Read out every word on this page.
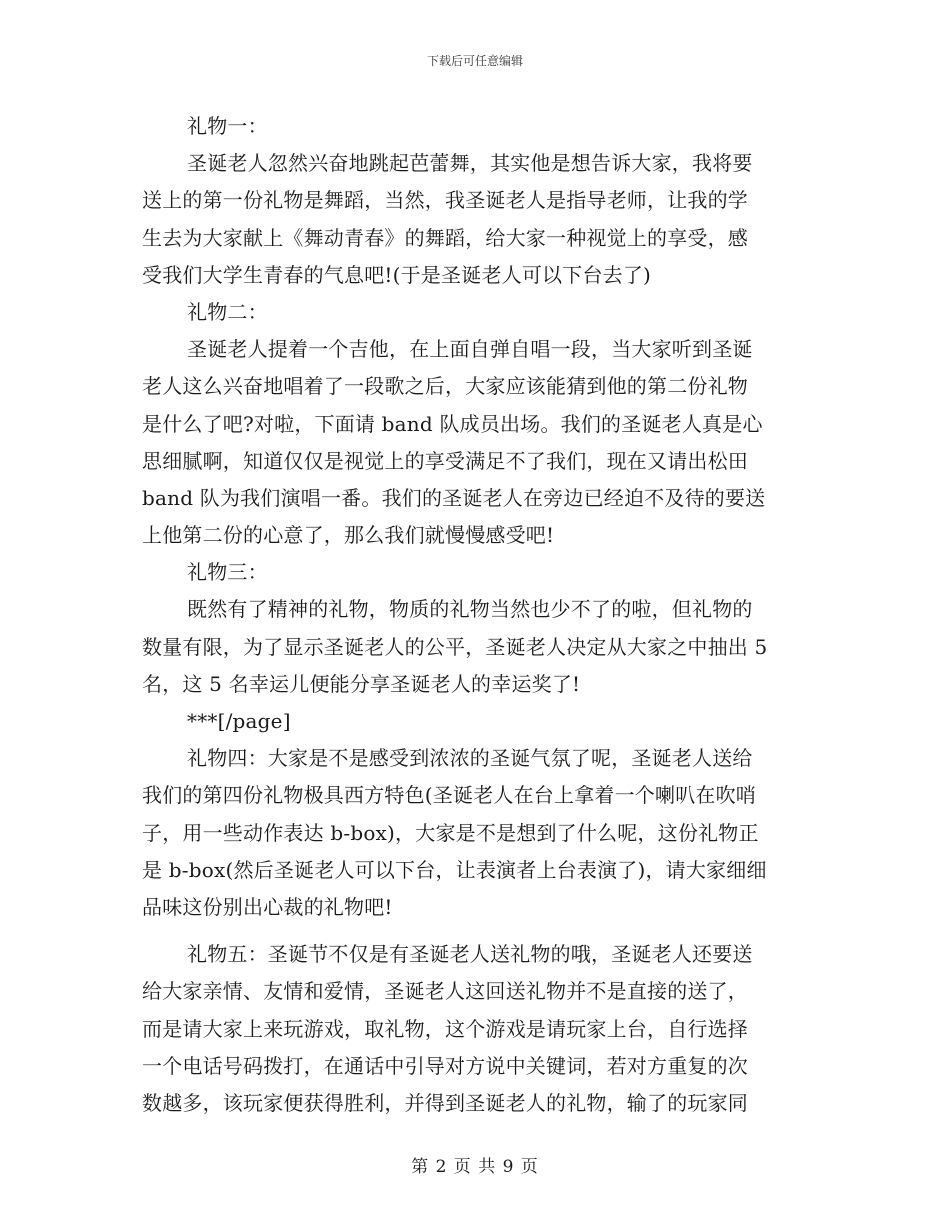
下载后可任意编辑
礼物一：
圣诞老人忽然兴奋地跳起芭蕾舞，其实他是想告诉大家，我将要
送上的第一份礼物是舞蹈，当然，我圣诞老人是指导老师，让我的学
生去为大家献上《舞动青春》的舞蹈，给大家一种视觉上的享受，感
受我们大学生青春的气息吧!(于是圣诞老人可以下台去了)
礼物二：
圣诞老人提着一个吉他，在上面自弹自唱一段，当大家听到圣诞
老人这么兴奋地唱着了一段歌之后，大家应该能猜到他的第二份礼物
是什么了吧?对啦，下面请 band 队成员出场。我们的圣诞老人真是心
思细腻啊，知道仅仅是视觉上的享受满足不了我们，现在又请出松田
band 队为我们演唱一番。我们的圣诞老人在旁边已经迫不及待的要送
上他第二份的心意了，那么我们就慢慢感受吧!
礼物三：
既然有了精神的礼物，物质的礼物当然也少不了的啦，但礼物的
数量有限，为了显示圣诞老人的公平，圣诞老人决定从大家之中抽出 5
名，这 5 名幸运儿便能分享圣诞老人的幸运奖了!
***[/page]
礼物四：大家是不是感受到浓浓的圣诞气氛了呢，圣诞老人送给
我们的第四份礼物极具西方特色(圣诞老人在台上拿着一个喇叭在吹哨
子，用一些动作表达 b-box)，大家是不是想到了什么呢，这份礼物正
是 b-box(然后圣诞老人可以下台，让表演者上台表演了)，请大家细细
品味这份别出心裁的礼物吧!
礼物五：圣诞节不仅是有圣诞老人送礼物的哦，圣诞老人还要送
给大家亲情、友情和爱情，圣诞老人这回送礼物并不是直接的送了，
而是请大家上来玩游戏，取礼物，这个游戏是请玩家上台，自行选择
一个电话号码拨打，在通话中引导对方说中关键词，若对方重复的次
数越多，该玩家便获得胜利，并得到圣诞老人的礼物，输了的玩家同
第 2 页 共 9 页
